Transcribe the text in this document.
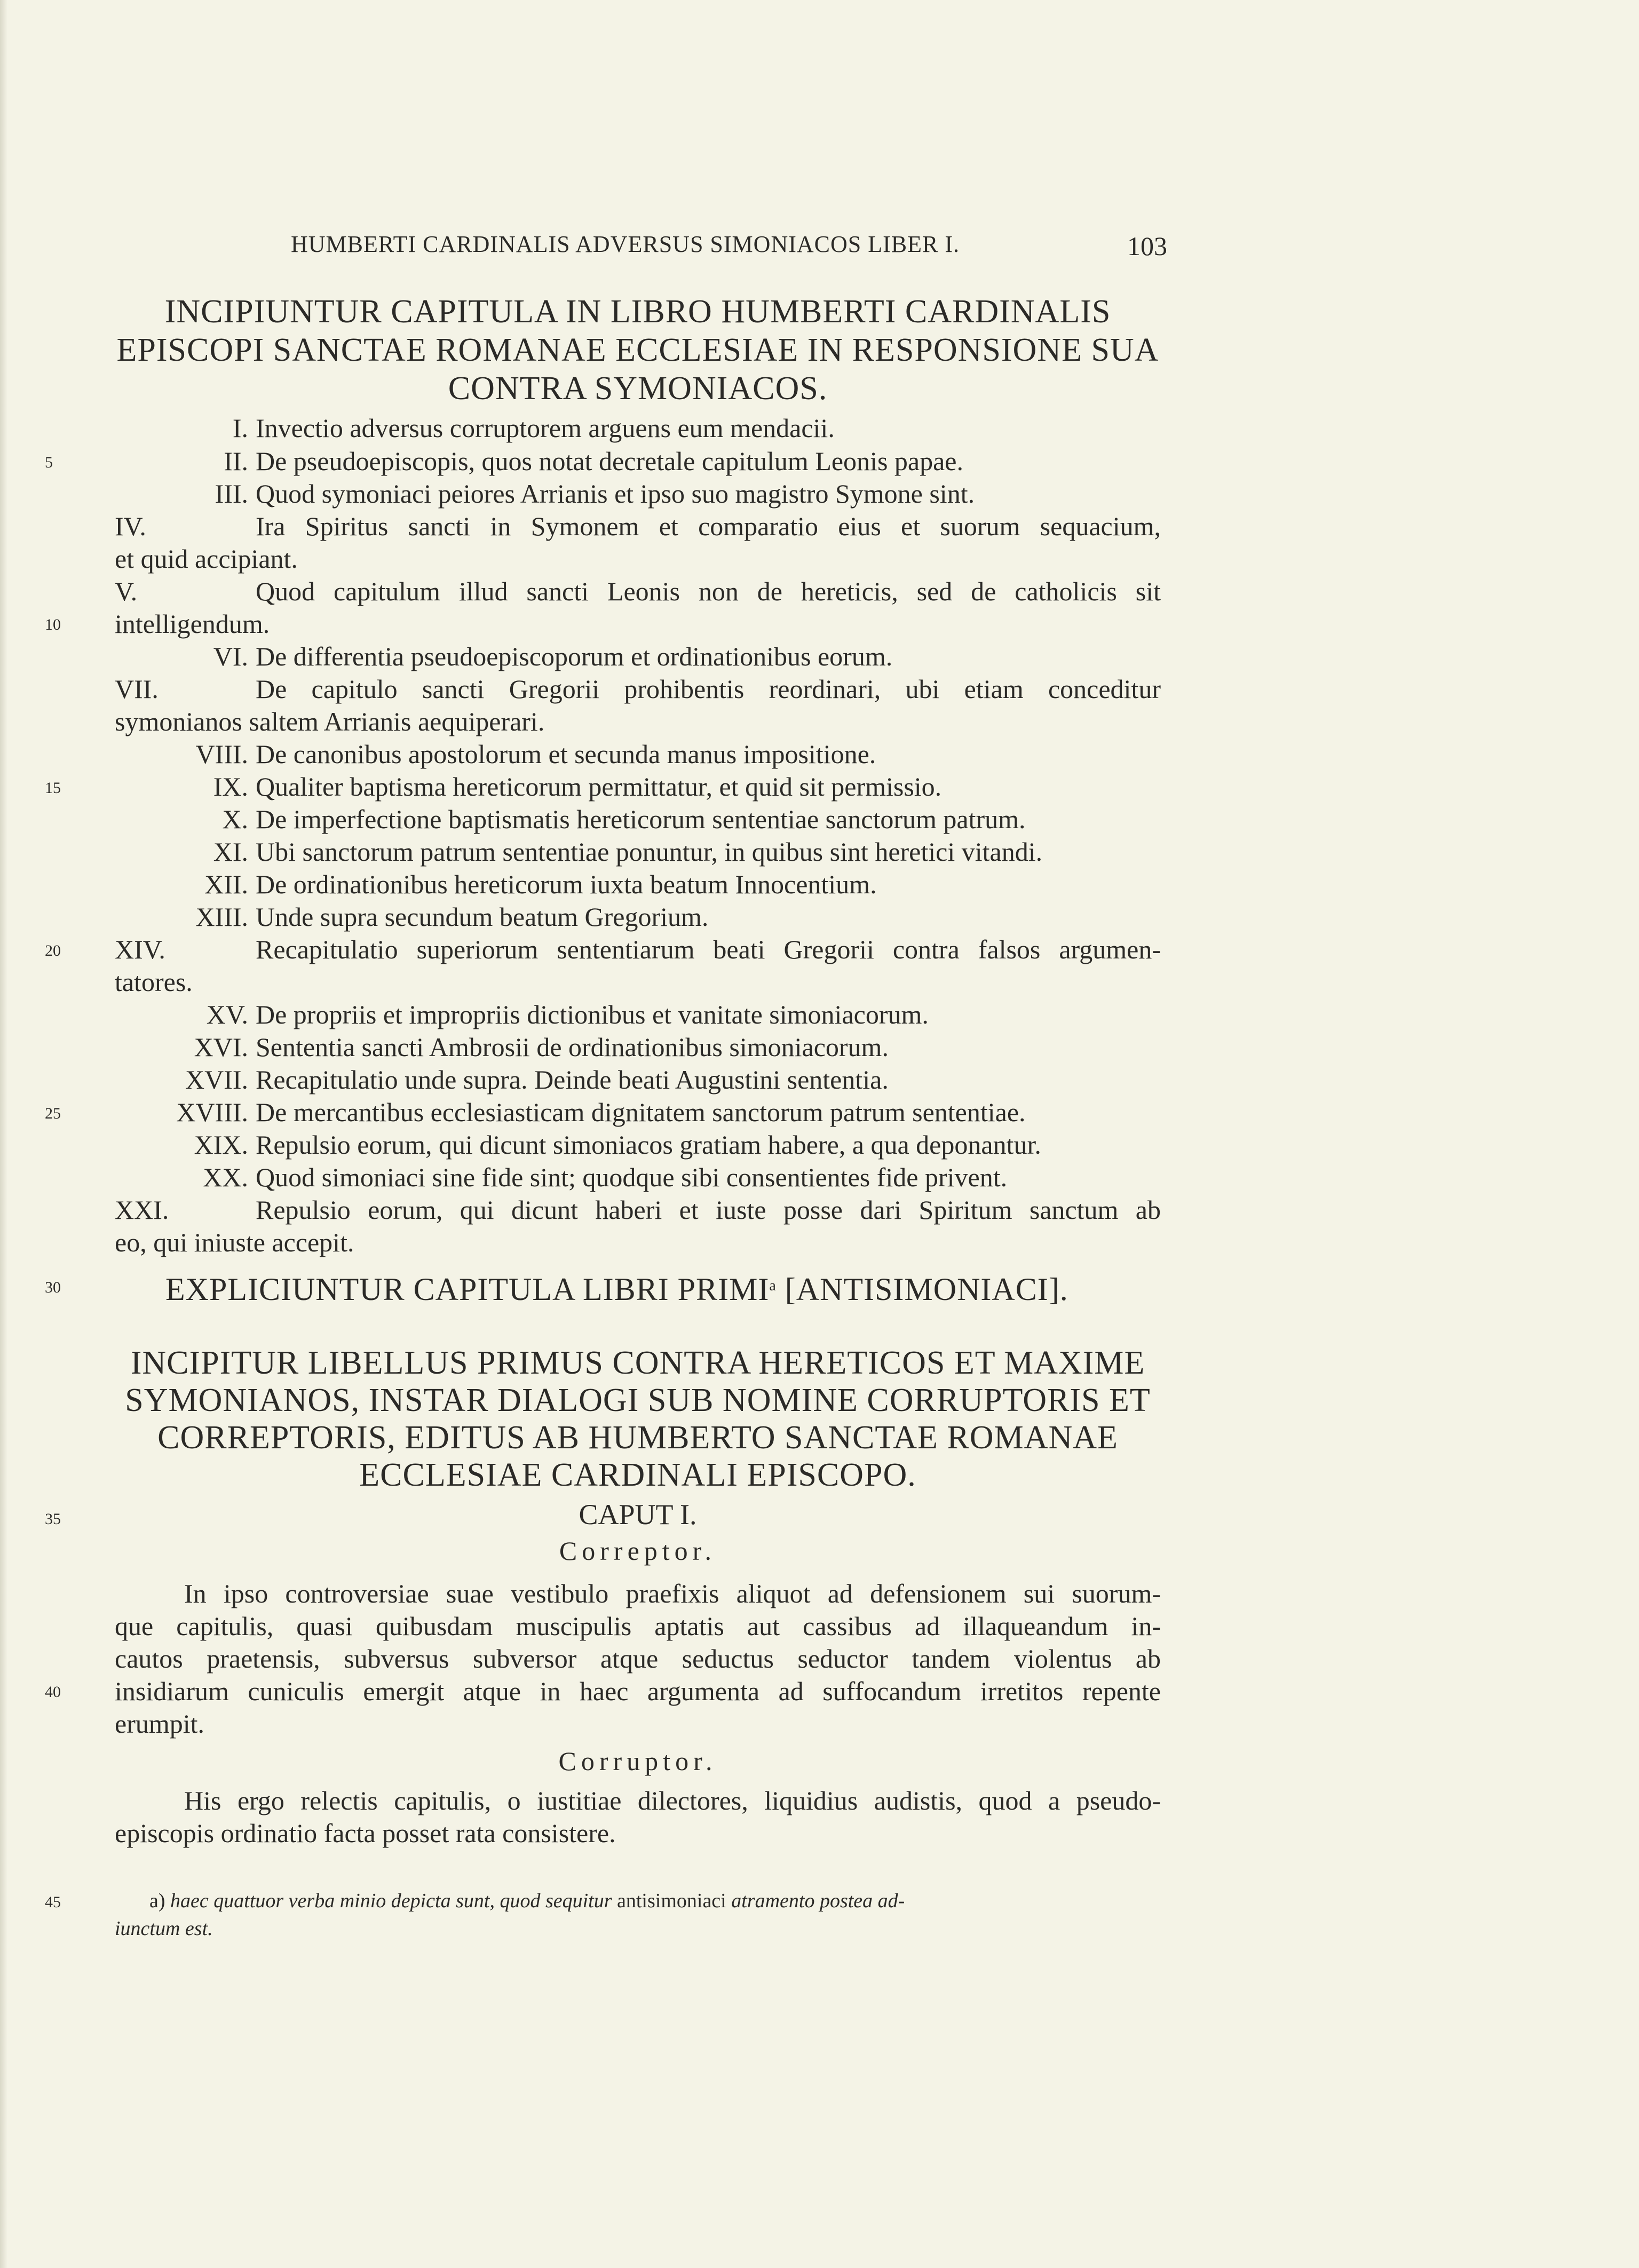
HUMBERTI CARDINALIS ADVERSUS SIMONIACOS LIBER I.	103
INCIPIUNTUR CAPITULA IN LIBRO HUMBERTI CARDINALIS
EPISCOPI SANCTAE ROMANAE ECCLESIAE IN RESPONSIONE SUA
CONTRA SYMONIACOS.
I. Invectio adversus corruptorem arguens eum mendacii.
II. De pseudoepiscopis, quos notat decretale capitulum Leonis papae.
III. Quod symoniaci peiores Arrianis et ipso suo magistro Symone sint.
IV.	Ira Spiritus sancti in Symonem et comparatio eius et suorum sequacium,
et quid accipiant.
V.	Quod capitulum illud sancti Leonis non de hereticis, sed de catholicis sit
intelligendum.
VI. De differentia pseudoepiscoporum et ordinationibus eorum.
VII.	De capitulo sancti Gregorii prohibentis reordinari, ubi etiam conceditur
symonianos saltem Arrianis aequiperari.
VIII. De canonibus apostolorum et secunda manus impositione.
IX. Qualiter baptisma hereticorum permittatur, et quid sit permissio.
X. De imperfectione baptismatis hereticorum sententiae sanctorum patrum.
XI. Ubi sanctorum patrum sententiae ponuntur, in quibus sint heretici vitandi.
XII. De ordinationibus hereticorum iuxta beatum Innocentium.
XIII. Unde supra secundum beatum Gregorium.
XIV.	Recapitulatio superiorum sententiarum beati Gregorii contra falsos argumen-
tatores.
XV. De propriis et impropriis dictionibus et vanitate simoniacorum.
XVI. Sententia sancti Ambrosii de ordinationibus simoniacorum.
XVII. Recapitulatio unde supra. Deinde beati Augustini sententia.
XVIII. De mercantibus ecclesiasticam dignitatem sanctorum patrum sententiae.
XIX. Repulsio eorum, qui dicunt simoniacos gratiam habere, a qua deponantur.
XX. Quod simoniaci sine fide sint; quodque sibi consentientes fide privent.
XXI.	Repulsio eorum, qui dicunt haberi et iuste posse dari Spiritum sanctum ab
eo, qui iniuste accepit.
EXPLICIUNTUR CAPITULA LIBRI PRIMI$^a$ [ANTISIMONIACI].
INCIPITUR LIBELLUS PRIMUS CONTRA HERETICOS ET MAXIME
SYMONIANOS, INSTAR DIALOGI SUB NOMINE CORRUPTORIS ET
CORREPTORIS, EDITUS AB HUMBERTO SANCTAE ROMANAE
ECCLESIAE CARDINALI EPISCOPO.
CAPUT I.
Correptor.
In ipso controversiae suae vestibulo praefixis aliquot ad defensionem sui suorum-
que capitulis, quasi quibusdam muscipulis aptatis aut cassibus ad illaqueandum in-
cautos praetensis, subversus subversor atque seductus seductor tandem violentus ab
insidiarum cuniculis emergit atque in haec argumenta ad suffocandum irretitos repente
erumpit.
Corruptor.
His ergo relectis capitulis, o iustitiae dilectores, liquidius audistis, quod a pseudo-
episcopis ordinatio facta posset rata consistere.
a) haec quattuor verba minio depicta sunt, quod sequitur antisimoniaci atramento postea ad-
iunctum est.
5
10
15
20
25
30
35
40
45
